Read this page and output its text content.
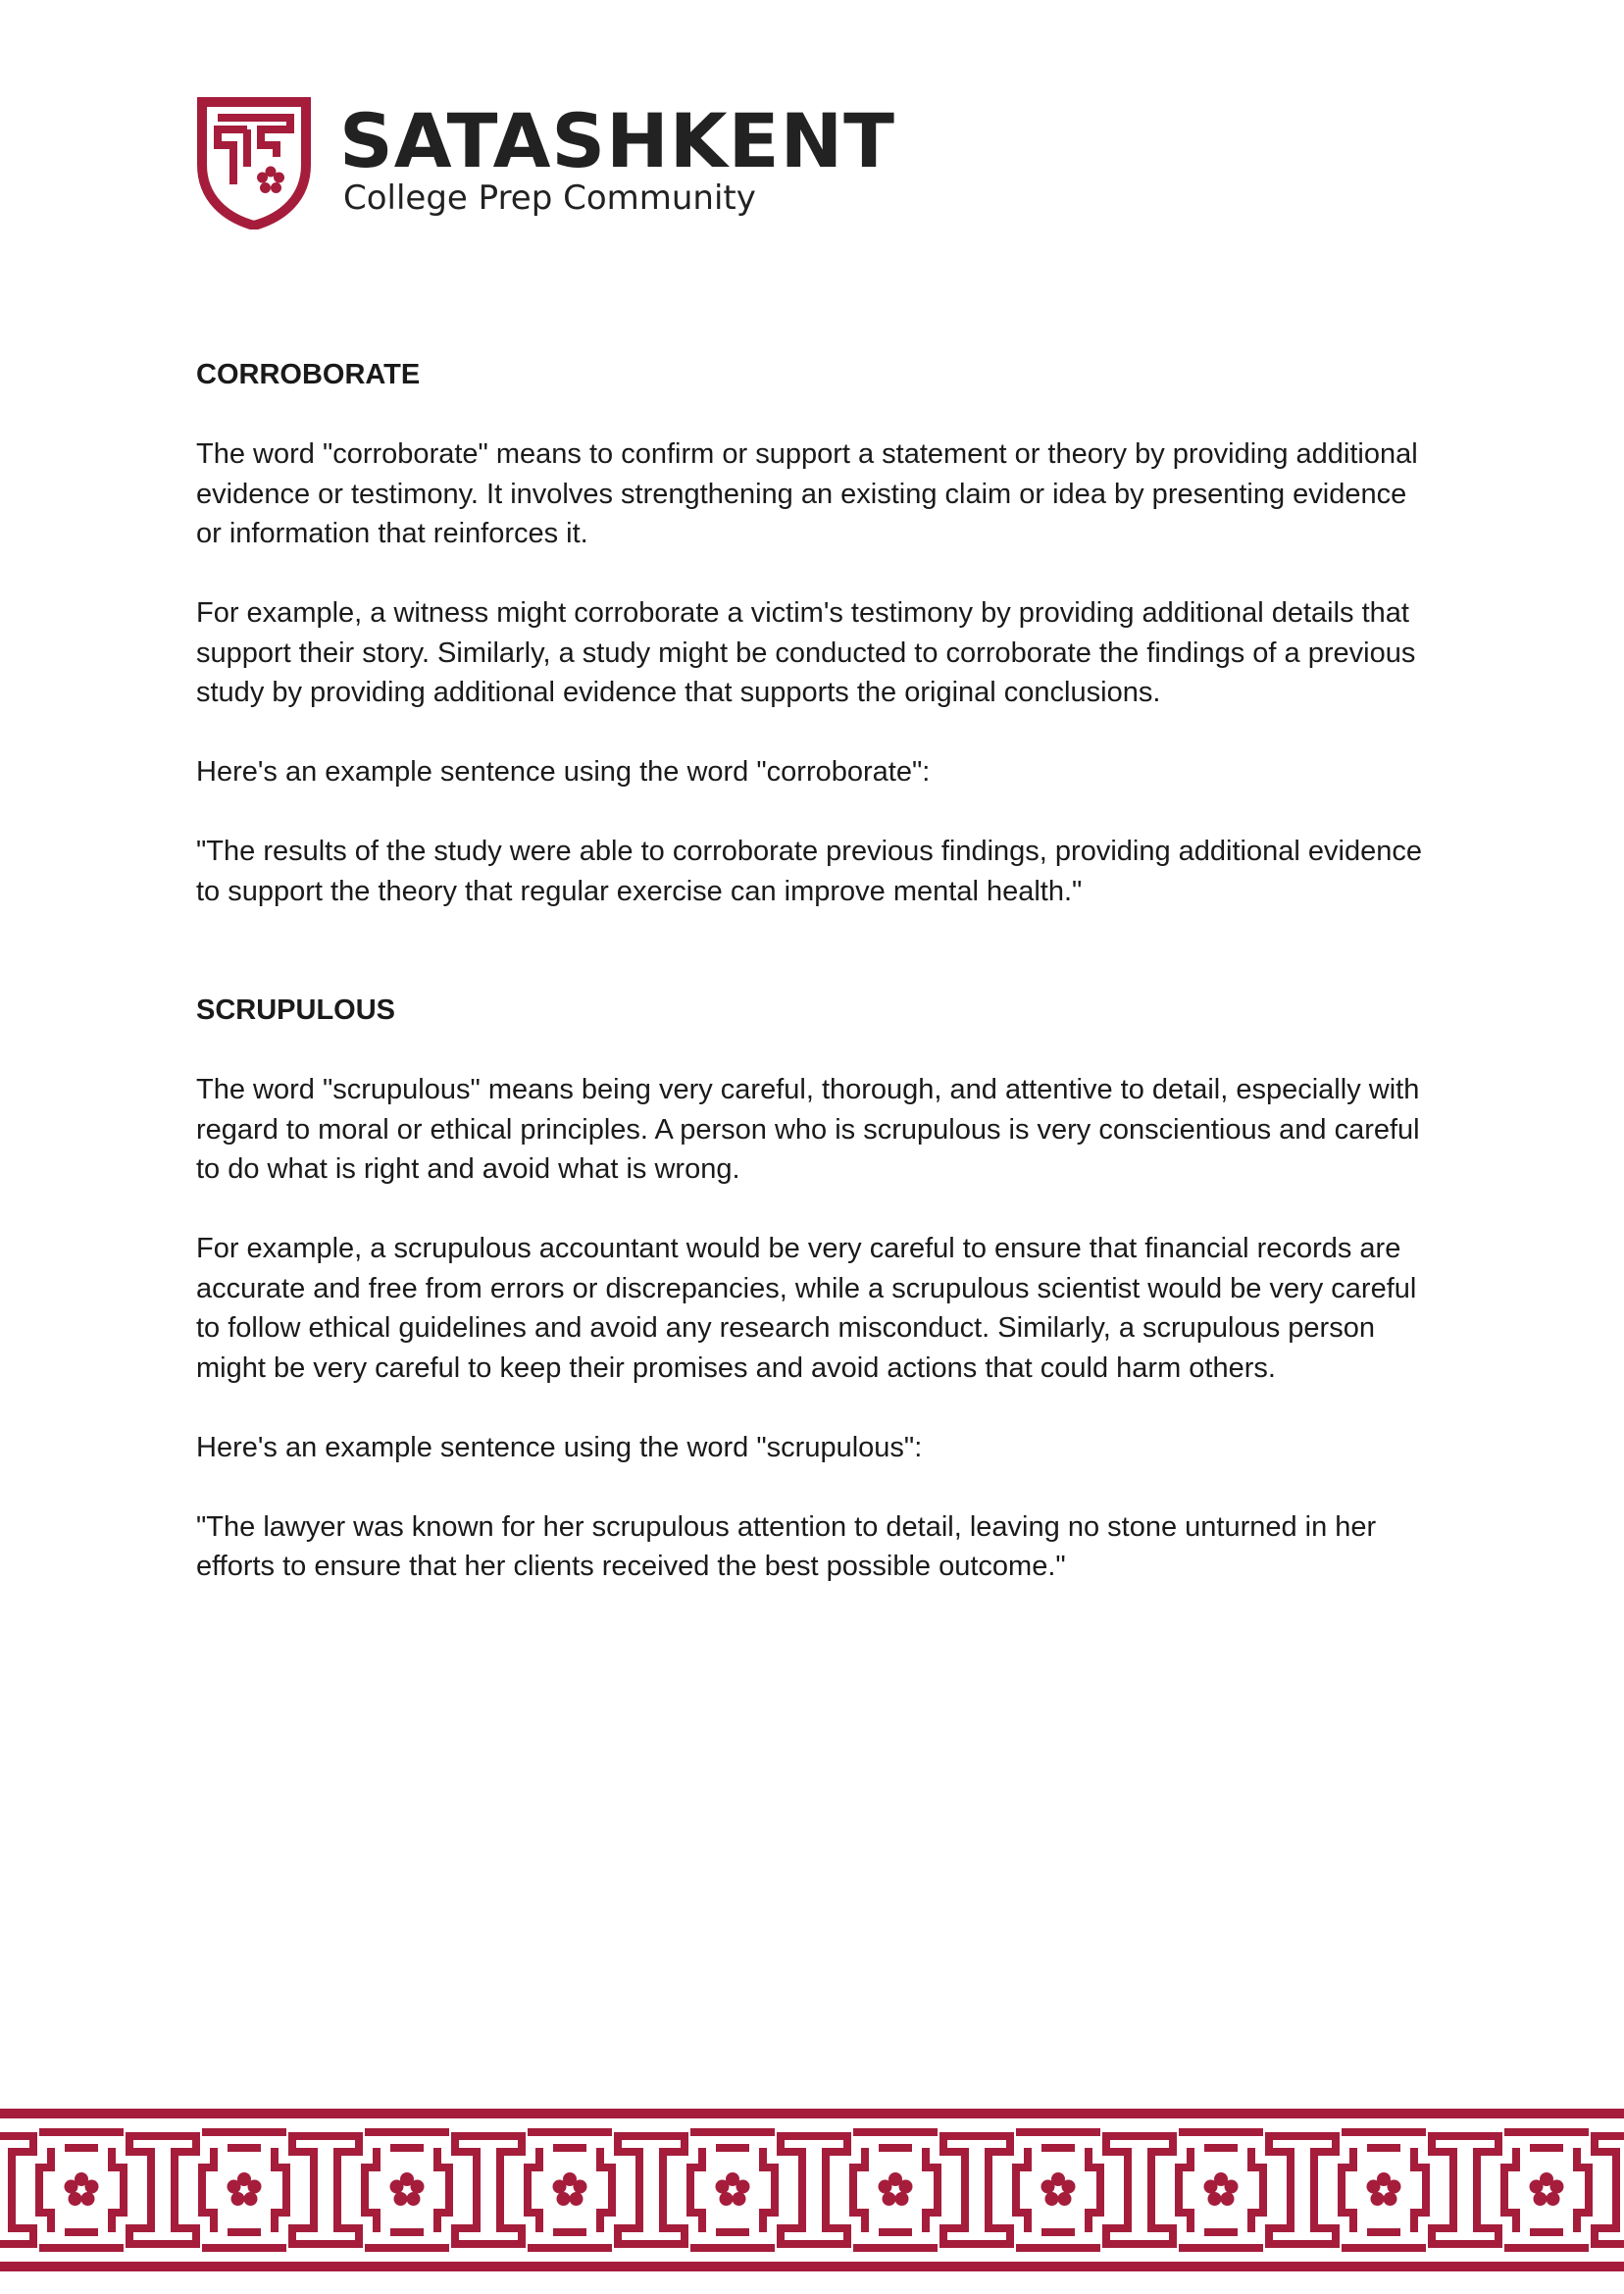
SATASHKENT
College Prep Community

CORROBORATE

The word "corroborate" means to confirm or support a statement or theory by providing additional evidence or testimony. It involves strengthening an existing claim or idea by presenting evidence or information that reinforces it.

For example, a witness might corroborate a victim's testimony by providing additional details that support their story. Similarly, a study might be conducted to corroborate the findings of a previous study by providing additional evidence that supports the original conclusions.

Here's an example sentence using the word "corroborate":

"The results of the study were able to corroborate previous findings, providing additional evidence to support the theory that regular exercise can improve mental health."

SCRUPULOUS

The word "scrupulous" means being very careful, thorough, and attentive to detail, especially with regard to moral or ethical principles. A person who is scrupulous is very conscientious and careful to do what is right and avoid what is wrong.

For example, a scrupulous accountant would be very careful to ensure that financial records are accurate and free from errors or discrepancies, while a scrupulous scientist would be very careful to follow ethical guidelines and avoid any research misconduct. Similarly, a scrupulous person might be very careful to keep their promises and avoid actions that could harm others.

Here's an example sentence using the word "scrupulous":

"The lawyer was known for her scrupulous attention to detail, leaving no stone unturned in her efforts to ensure that her clients received the best possible outcome."
